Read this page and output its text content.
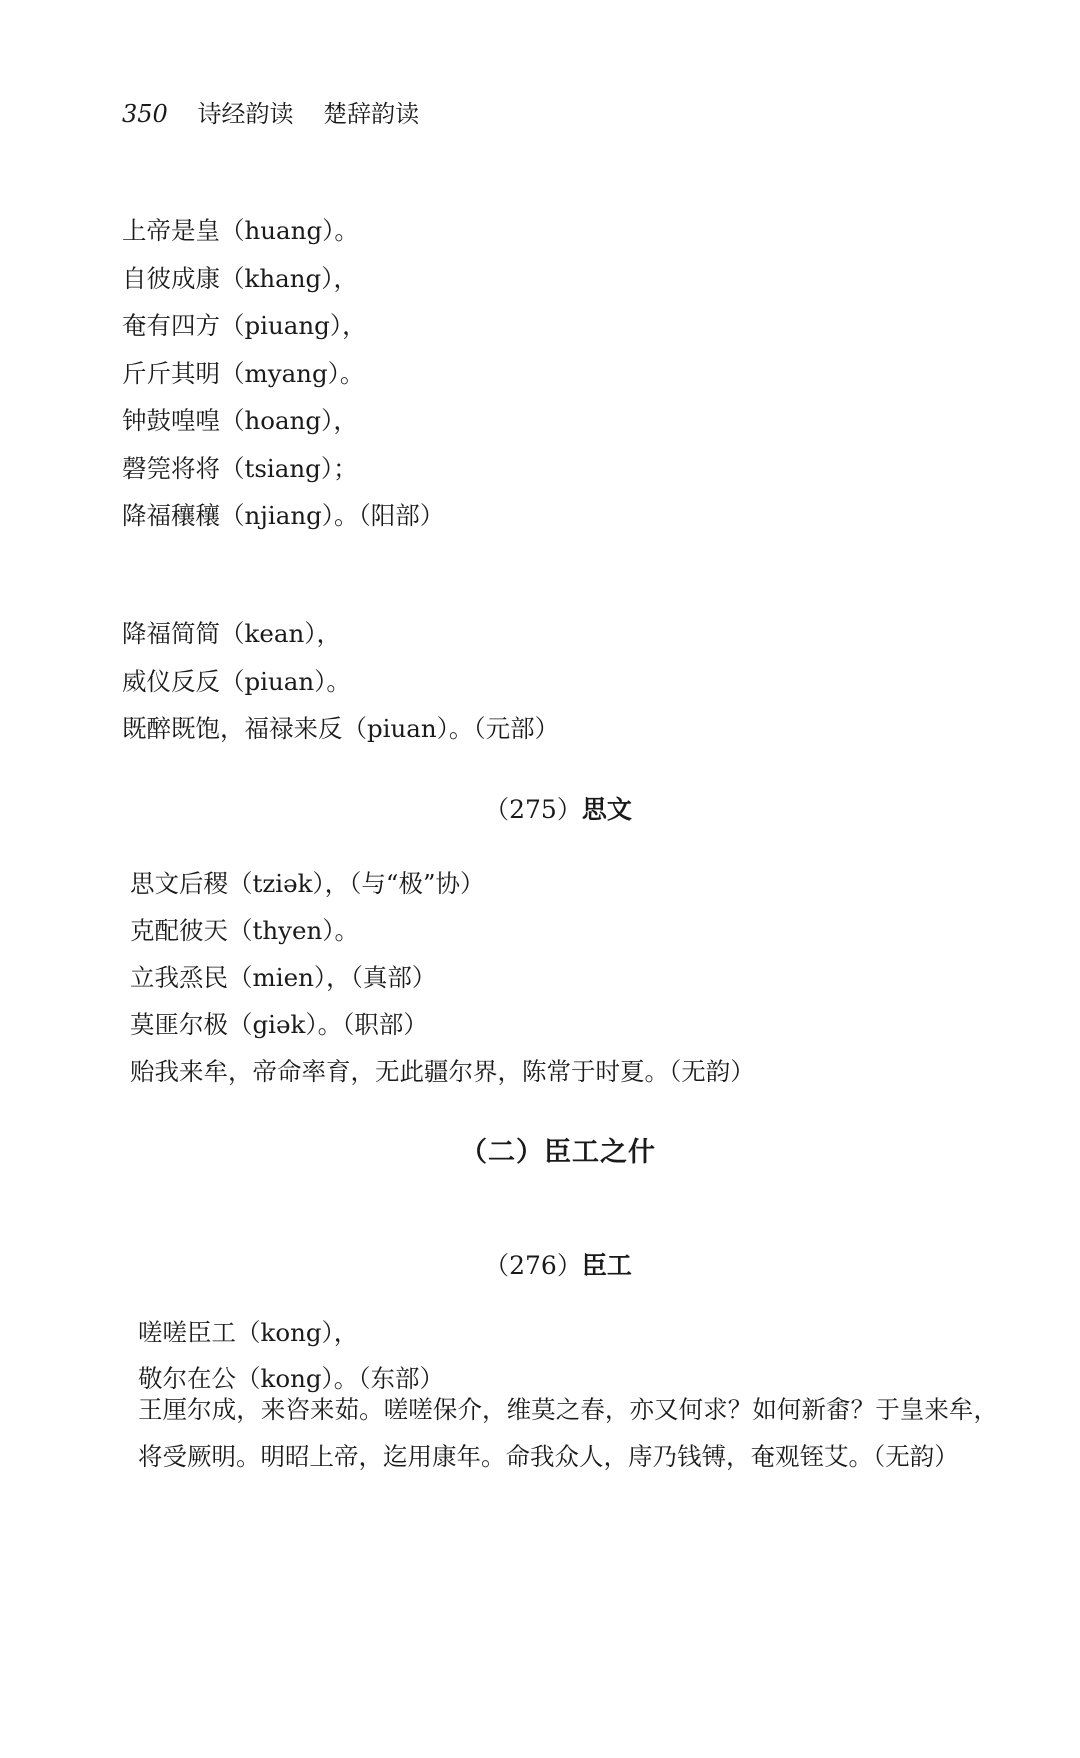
350 诗经韵读 楚辞韵读
上帝是皇（huang）。
自彼成康（khang），
奄有四方（piuang），
斤斤其明（myang）。
钟鼓喤喤（hoang），
磬筦将将（tsiang）；
降福穰穰（njiang）。（阳部）
降福简简（kean），
威仪反反（piuan）。
既醉既饱，福禄来反（piuan）。（元部）
（275）思文
思文后稷（tziək），（与“极”协）
克配彼天（thyen）。
立我烝民（mien），（真部）
莫匪尔极（giək）。（职部）
贻我来牟，帝命率育，无此疆尔界，陈常于时夏。（无韵）
（二）臣工之什
（276）臣工
嗟嗟臣工（kong），
敬尔在公（kong）。（东部）

王厘尔成，来咨来茹。嗟嗟保介，维莫之春，亦又何求？如何新畬？于皇来牟，将受厥明。明昭上帝，迄用康年。命我众人，庤乃钱镈，奄观铚艾。（无韵）
